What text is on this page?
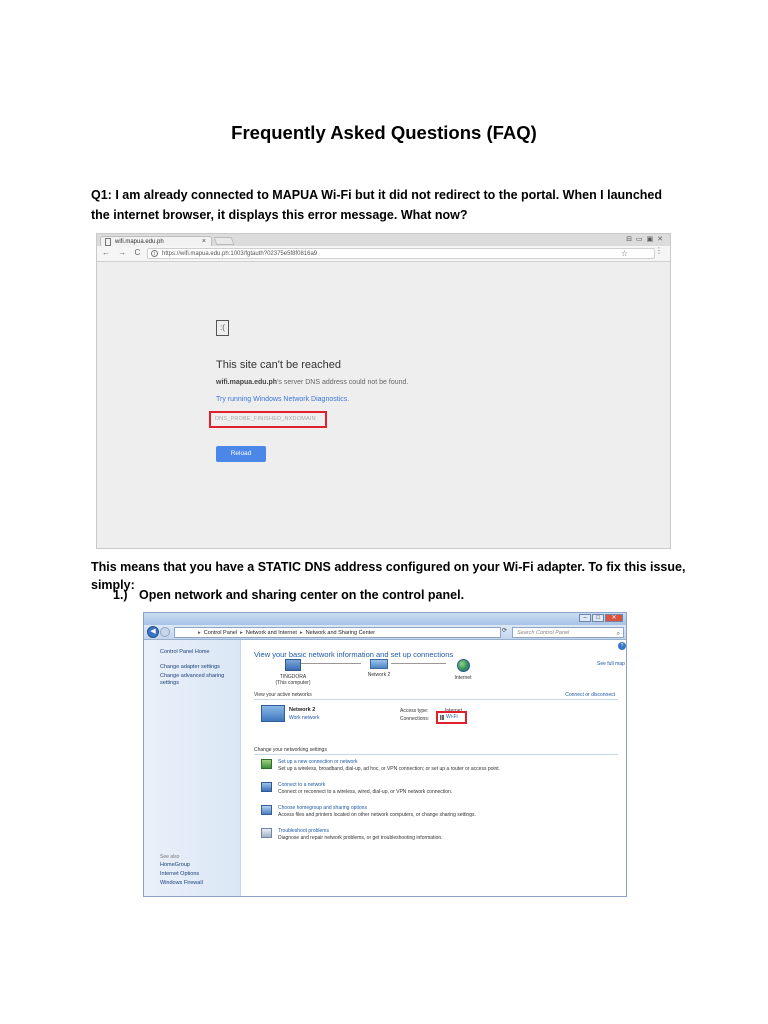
Frequently Asked Questions (FAQ)
Q1: I am already connected to MAPUA Wi-Fi but it did not redirect to the portal. When I launched the internet browser, it displays this error message. What now?
wifi.mapua.edu.ph	×	⊟ ▭ ▣ ✕
← → C	i	https://wifi.mapua.edu.ph:1003/fgtauth?02375e5f8f0816a9	☆	⋮
:(
This site can't be reached
wifi.mapua.edu.ph's server DNS address could not be found.
Try running Windows Network Diagnostics.
DNS_PROBE_FINISHED_NXDOMAIN
Reload
This means that you have a STATIC DNS address configured on your Wi-Fi adapter. To fix this issue, simply:
1.) Open network and sharing center on the control panel.
–	□	✕
◀	▸ Control Panel ▸ Network and Internet ▸ Network and Sharing Center	⟳	Search Control Panel	⌕
Control Panel Home
Change adapter settings
Change advanced sharing settings
See also
HomeGroup
Internet Options
Windows Firewall
?
View your basic network information and set up connections
See full map
TINGDORA
(This computer)
Network 2	Internet
View your active networks	Connect or disconnect
Network 2
Work network
Access type:
Connections:
Internet
Wi-Fi
Change your networking settings
Set up a new connection or network
Set up a wireless, broadband, dial-up, ad hoc, or VPN connection; or set up a router or access point.
Connect to a network
Connect or reconnect to a wireless, wired, dial-up, or VPN network connection.
Choose homegroup and sharing options
Access files and printers located on other network computers, or change sharing settings.
Troubleshoot problems
Diagnose and repair network problems, or get troubleshooting information.
